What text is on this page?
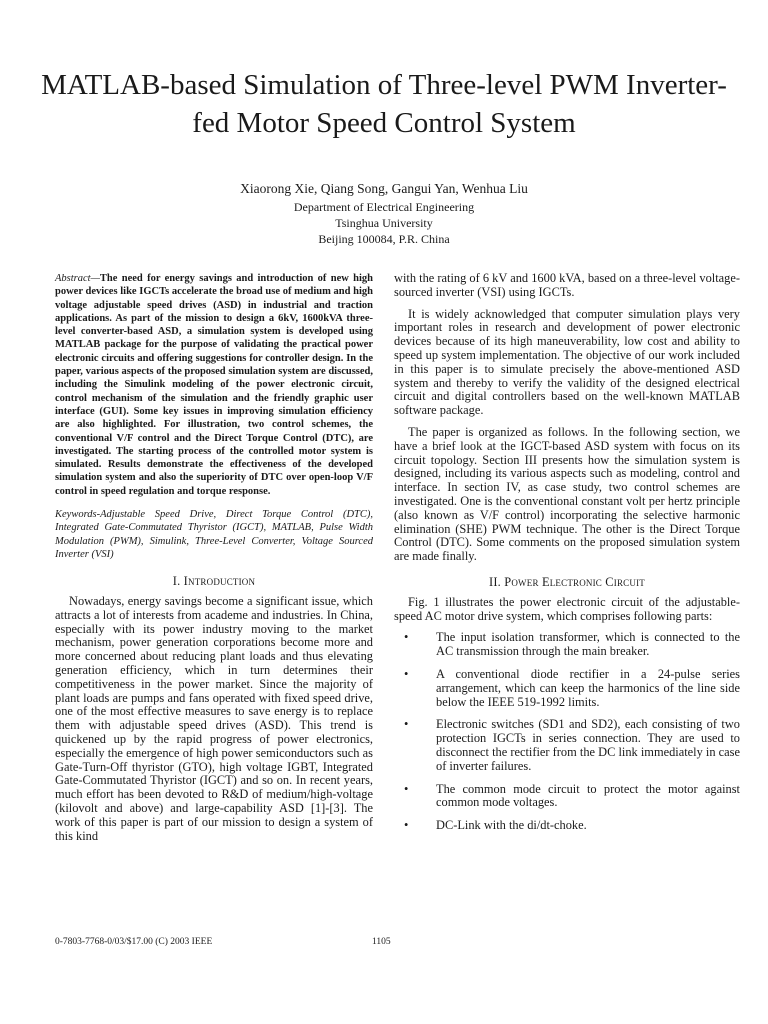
MATLAB-based Simulation of Three-level PWM Inverter-fed Motor Speed Control System
Xiaorong Xie, Qiang Song, Gangui Yan, Wenhua Liu
Department of Electrical Engineering
Tsinghua University
Beijing 100084, P.R. China

Abstract—The need for energy savings and introduction of new high power devices like IGCTs accelerate the broad use of medium and high voltage adjustable speed drives (ASD) in industrial and traction applications. As part of the mission to design a 6kV, 1600kVA three-level converter-based ASD, a simulation system is developed using MATLAB package for the purpose of validating the practical power electronic circuits and offering suggestions for controller design. In the paper, various aspects of the proposed simulation system are discussed, including the Simulink modeling of the power electronic circuit, control mechanism of the simulation and the friendly graphic user interface (GUI). Some key issues in improving simulation efficiency are also highlighted. For illustration, two control schemes, the conventional V/F control and the Direct Torque Control (DTC), are investigated. The starting process of the controlled motor system is simulated. Results demonstrate the effectiveness of the developed simulation system and also the superiority of DTC over open-loop V/F control in speed regulation and torque response.

Keywords-Adjustable Speed Drive, Direct Torque Control (DTC), Integrated Gate-Commutated Thyristor (IGCT), MATLAB, Pulse Width Modulation (PWM), Simulink, Three-Level Converter, Voltage Sourced Inverter (VSI)

I. Introduction

Nowadays, energy savings become a significant issue, which attracts a lot of interests from academe and industries. In China, especially with its power industry moving to the market mechanism, power generation corporations become more and more concerned about reducing plant loads and thus elevating generation efficiency, which in turn determines their competitiveness in the power market. Since the majority of plant loads are pumps and fans operated with fixed speed drive, one of the most effective measures to save energy is to replace them with adjustable speed drives (ASD). This trend is quickened up by the rapid progress of power electronics, especially the emergence of high power semiconductors such as Gate-Turn-Off thyristor (GTO), high voltage IGBT, Integrated Gate-Commutated Thyristor (IGCT) and so on. In recent years, much effort has been devoted to R&D of medium/high-voltage (kilovolt and above) and large-capability ASD [1]-[3]. The work of this paper is part of our mission to design a system of this kind

with the rating of 6 kV and 1600 kVA, based on a three-level voltage-sourced inverter (VSI) using IGCTs.

It is widely acknowledged that computer simulation plays very important roles in research and development of power electronic devices because of its high maneuverability, low cost and ability to speed up system implementation. The objective of our work included in this paper is to simulate precisely the above-mentioned ASD system and thereby to verify the validity of the designed electrical circuit and digital controllers based on the well-known MATLAB software package.

The paper is organized as follows. In the following section, we have a brief look at the IGCT-based ASD system with focus on its circuit topology. Section III presents how the simulation system is designed, including its various aspects such as modeling, control and interface. In section IV, as case study, two control schemes are investigated. One is the conventional constant volt per hertz principle (also known as V/F control) incorporating the selective harmonic elimination (SHE) PWM technique. The other is the Direct Torque Control (DTC). Some comments on the proposed simulation system are made finally.

II. Power Electronic Circuit

Fig. 1 illustrates the power electronic circuit of the adjustable-speed AC motor drive system, which comprises following parts:

• The input isolation transformer, which is connected to the AC transmission through the main breaker.
• A conventional diode rectifier in a 24-pulse series arrangement, which can keep the harmonics of the line side below the IEEE 519-1992 limits.
• Electronic switches (SD1 and SD2), each consisting of two protection IGCTs in series connection. They are used to disconnect the rectifier from the DC link immediately in case of inverter failures.
• The common mode circuit to protect the motor against common mode voltages.
• DC-Link with the di/dt-choke.
0-7803-7768-0/03/$17.00 (C) 2003 IEEE	1105
